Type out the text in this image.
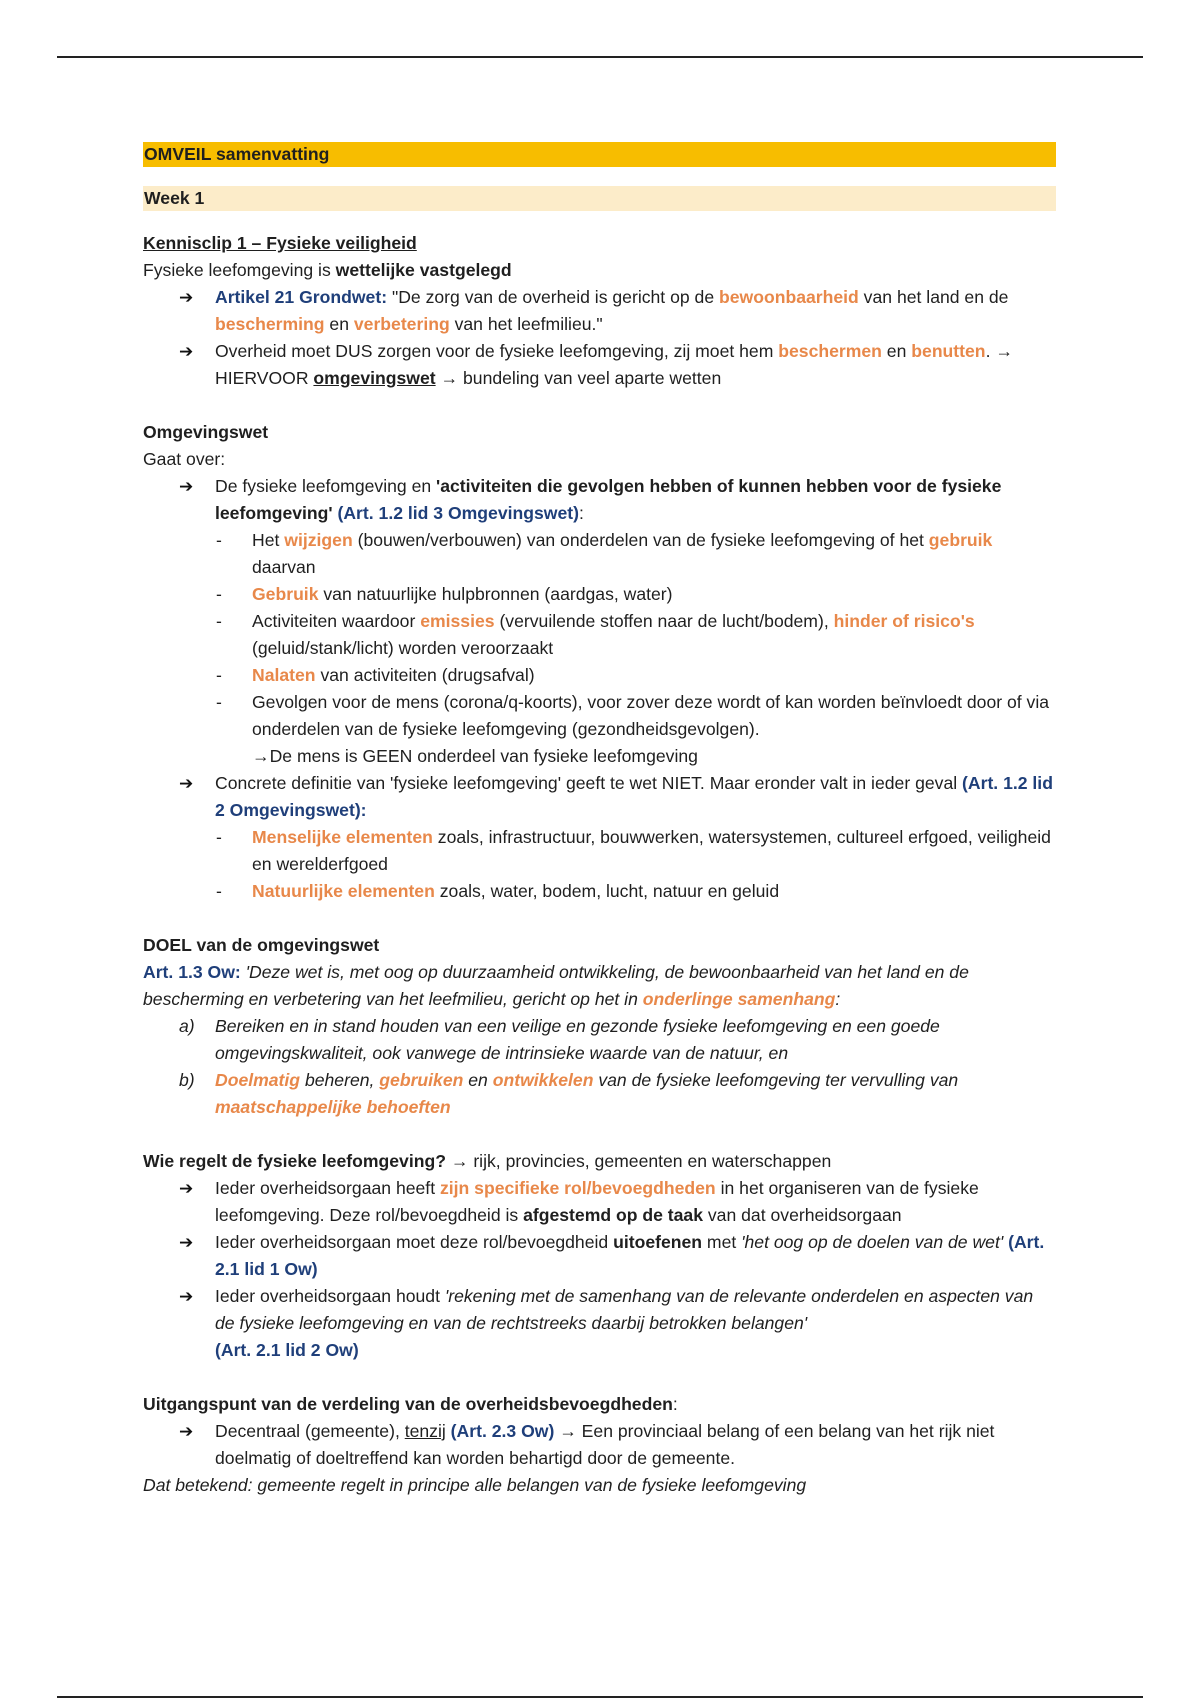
OMVEIL samenvatting
Week 1
Kennisclip 1 – Fysieke veiligheid
Fysieke leefomgeving is wettelijke vastgelegd
➔ Artikel 21 Grondwet: "De zorg van de overheid is gericht op de bewoonbaarheid van het land en de bescherming en verbetering van het leefmilieu."
➔ Overheid moet DUS zorgen voor de fysieke leefomgeving, zij moet hem beschermen en benutten. → HIERVOOR omgevingswet → bundeling van veel aparte wetten
Omgevingswet
Gaat over:
➔ De fysieke leefomgeving en 'activiteiten die gevolgen hebben of kunnen hebben voor de fysieke leefomgeving' (Art. 1.2 lid 3 Omgevingswet):
- Het wijzigen (bouwen/verbouwen) van onderdelen van de fysieke leefomgeving of het gebruik daarvan
- Gebruik van natuurlijke hulpbronnen (aardgas, water)
- Activiteiten waardoor emissies (vervuilende stoffen naar de lucht/bodem), hinder of risico's (geluid/stank/licht) worden veroorzaakt
- Nalaten van activiteiten (drugsafval)
- Gevolgen voor de mens (corona/q-koorts), voor zover deze wordt of kan worden beïnvloedt door of via onderdelen van de fysieke leefomgeving (gezondheidsgevolgen).
→De mens is GEEN onderdeel van fysieke leefomgeving
➔ Concrete definitie van 'fysieke leefomgeving' geeft te wet NIET. Maar eronder valt in ieder geval (Art. 1.2 lid 2 Omgevingswet):
- Menselijke elementen zoals, infrastructuur, bouwwerken, watersystemen, cultureel erfgoed, veiligheid en werelderfgoed
- Natuurlijke elementen zoals, water, bodem, lucht, natuur en geluid
DOEL van de omgevingswet
Art. 1.3 Ow: 'Deze wet is, met oog op duurzaamheid ontwikkeling, de bewoonbaarheid van het land en de bescherming en verbetering van het leefmilieu, gericht op het in onderlinge samenhang:
a) Bereiken en in stand houden van een veilige en gezonde fysieke leefomgeving en een goede omgevingskwaliteit, ook vanwege de intrinsieke waarde van de natuur, en
b) Doelmatig beheren, gebruiken en ontwikkelen van de fysieke leefomgeving ter vervulling van maatschappelijke behoeften
Wie regelt de fysieke leefomgeving? → rijk, provincies, gemeenten en waterschappen
➔ Ieder overheidsorgaan heeft zijn specifieke rol/bevoegdheden in het organiseren van de fysieke leefomgeving. Deze rol/bevoegdheid is afgestemd op de taak van dat overheidsorgaan
➔ Ieder overheidsorgaan moet deze rol/bevoegdheid uitoefenen met 'het oog op de doelen van de wet' (Art. 2.1 lid 1 Ow)
➔ Ieder overheidsorgaan houdt 'rekening met de samenhang van de relevante onderdelen en aspecten van de fysieke leefomgeving en van de rechtstreeks daarbij betrokken belangen'
(Art. 2.1 lid 2 Ow)
Uitgangspunt van de verdeling van de overheidsbevoegdheden:
➔ Decentraal (gemeente), tenzij (Art. 2.3 Ow) → Een provinciaal belang of een belang van het rijk niet doelmatig of doeltreffend kan worden behartigd door de gemeente.
Dat betekend: gemeente regelt in principe alle belangen van de fysieke leefomgeving
